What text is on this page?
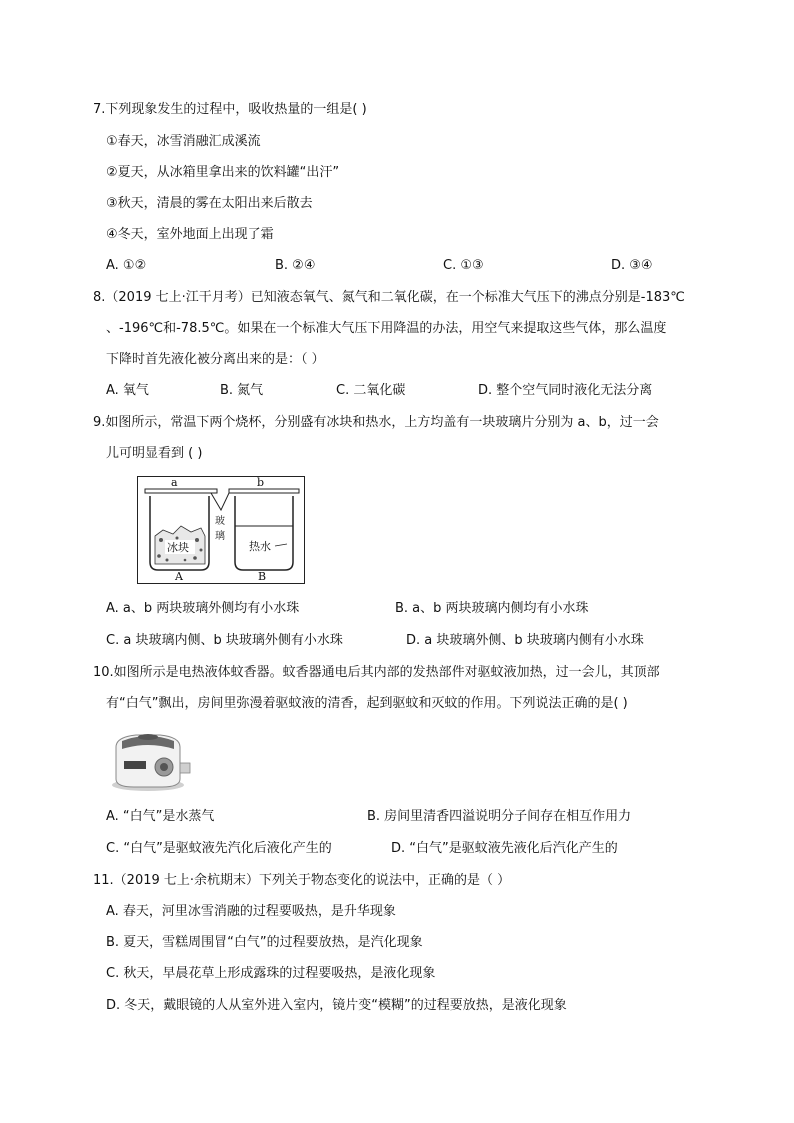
7.下列现象发生的过程中，吸收热量的一组是( )
①春天，冰雪消融汇成溪流
②夏天，从冰箱里拿出来的饮料罐“出汗”
③秋天，清晨的雾在太阳出来后散去
④冬天，室外地面上出现了霜
A. ①②	B. ②④	C. ①③	D. ③④
8.（2019 七上·江干月考）已知液态氧气、氮气和二氧化碳，在一个标准大气压下的沸点分别是-183℃
、-196℃和-78.5℃。如果在一个标准大气压下用降温的办法，用空气来提取这些气体，那么温度
下降时首先液化被分离出来的是：（ ）
A. 氧气	B. 氮气	C. 二氧化碳	D. 整个空气同时液化无法分离
9.如图所示，常温下两个烧杯，分别盛有冰块和热水，上方均盖有一块玻璃片分别为 a、b，过一会
儿可明显看到 ( )
a	b
玻
璃
冰块	热水
A	B
A. a、b 两块玻璃外侧均有小水珠	B. a、b 两块玻璃内侧均有小水珠
C. a 块玻璃内侧、b 块玻璃外侧有小水珠	D. a 块玻璃外侧、b 块玻璃内侧有小水珠
10.如图所示是电热液体蚊香器。蚊香器通电后其内部的发热部件对驱蚊液加热，过一会儿，其顶部
有“白气”飘出，房间里弥漫着驱蚊液的清香，起到驱蚊和灭蚊的作用。下列说法正确的是( )
A. “白气”是水蒸气	B. 房间里清香四溢说明分子间存在相互作用力
C. “白气”是驱蚊液先汽化后液化产生的	D. “白气”是驱蚊液先液化后汽化产生的
11.（2019 七上·余杭期末）下列关于物态变化的说法中，正确的是（ ）
A. 春天，河里冰雪消融的过程要吸热，是升华现象
B. 夏天，雪糕周围冒“白气”的过程要放热，是汽化现象
C. 秋天，早晨花草上形成露珠的过程要吸热，是液化现象
D. 冬天，戴眼镜的人从室外进入室内，镜片变“模糊”的过程要放热，是液化现象
